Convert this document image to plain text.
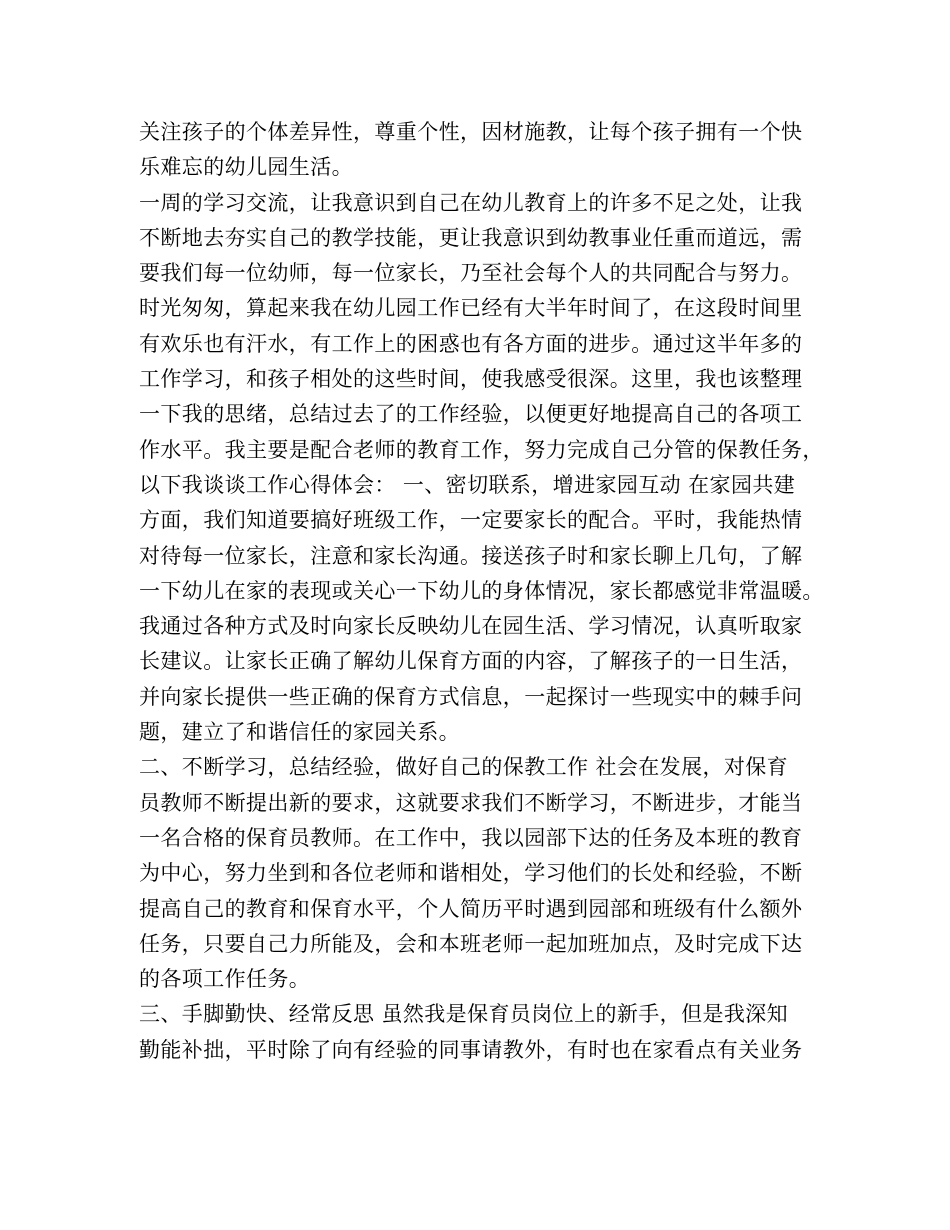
关注孩子的个体差异性，尊重个性，因材施教，让每个孩子拥有一个快
乐难忘的幼儿园生活。
一周的学习交流，让我意识到自己在幼儿教育上的许多不足之处，让我
不断地去夯实自己的教学技能，更让我意识到幼教事业任重而道远，需
要我们每一位幼师，每一位家长，乃至社会每个人的共同配合与努力。
时光匆匆，算起来我在幼儿园工作已经有大半年时间了，在这段时间里
有欢乐也有汗水，有工作上的困惑也有各方面的进步。通过这半年多的
工作学习，和孩子相处的这些时间，使我感受很深。这里，我也该整理
一下我的思绪，总结过去了的工作经验，以便更好地提高自己的各项工
作水平。我主要是配合老师的教育工作，努力完成自己分管的保教任务，
以下我谈谈工作心得体会： 一、密切联系，增进家园互动 在家园共建
方面，我们知道要搞好班级工作，一定要家长的配合。平时，我能热情
对待每一位家长，注意和家长沟通。接送孩子时和家长聊上几句，了解
一下幼儿在家的表现或关心一下幼儿的身体情况，家长都感觉非常温暖。
我通过各种方式及时向家长反映幼儿在园生活、学习情况，认真听取家
长建议。让家长正确了解幼儿保育方面的内容，了解孩子的一日生活，
并向家长提供一些正确的保育方式信息，一起探讨一些现实中的棘手问
题，建立了和谐信任的家园关系。
二、不断学习，总结经验，做好自己的保教工作 社会在发展，对保育
员教师不断提出新的要求，这就要求我们不断学习，不断进步，才能当
一名合格的保育员教师。在工作中，我以园部下达的任务及本班的教育
为中心，努力坐到和各位老师和谐相处，学习他们的长处和经验，不断
提高自己的教育和保育水平，个人简历平时遇到园部和班级有什么额外
任务，只要自己力所能及，会和本班老师一起加班加点，及时完成下达
的各项工作任务。
三、手脚勤快、经常反思 虽然我是保育员岗位上的新手，但是我深知
勤能补拙，平时除了向有经验的同事请教外，有时也在家看点有关业务
